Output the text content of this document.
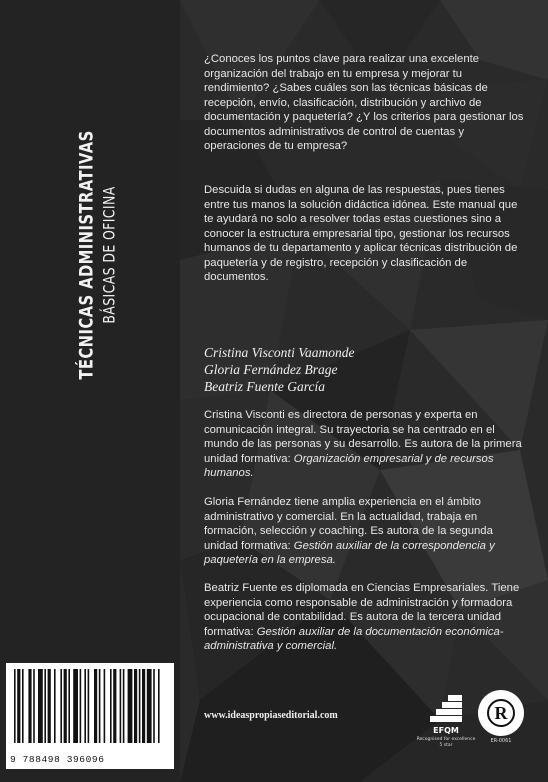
TÉCNICAS ADMINISTRATIVAS BÁSICAS DE OFICINA
9 788498 396096
¿Conoces los puntos clave para realizar una excelente organización del trabajo en tu empresa y mejorar tu rendimiento? ¿Sabes cuáles son las técnicas básicas de recepción, envío, clasificación, distribución y archivo de documentación y paquetería? ¿Y los criterios para gestionar los documentos administrativos de control de cuentas y operaciones de tu empresa?
Descuida si dudas en alguna de las respuestas, pues tienes entre tus manos la solución didáctica idónea. Este manual que te ayudará no solo a resolver todas estas cuestiones sino a conocer la estructura empresarial tipo, gestionar los recursos humanos de tu departamento y aplicar técnicas distribución de paquetería y de registro, recepción y clasificación de documentos.
Cristina Visconti Vaamonde
Gloria Fernández Brage
Beatriz Fuente García
Cristina Visconti es directora de personas y experta en comunicación integral. Su trayectoria se ha centrado en el mundo de las personas y su desarrollo. Es autora de la primera unidad formativa: Organización empresarial y de recursos humanos.
Gloria Fernández tiene amplia experiencia en el ámbito administrativo y comercial. En la actualidad, trabaja en formación, selección y coaching. Es autora de la segunda unidad formativa: Gestión auxiliar de la correspondencia y paquetería en la empresa.
Beatriz Fuente es diplomada en Ciencias Empresariales. Tiene experiencia como responsable de administración y formadora ocupacional de contabilidad. Es autora de la tercera unidad formativa: Gestión auxiliar de la documentación económica-administrativa y comercial.
www.ideaspropiaseditorial.com
EFQM
Recognised for excellence 5 star
R
ER-0061
